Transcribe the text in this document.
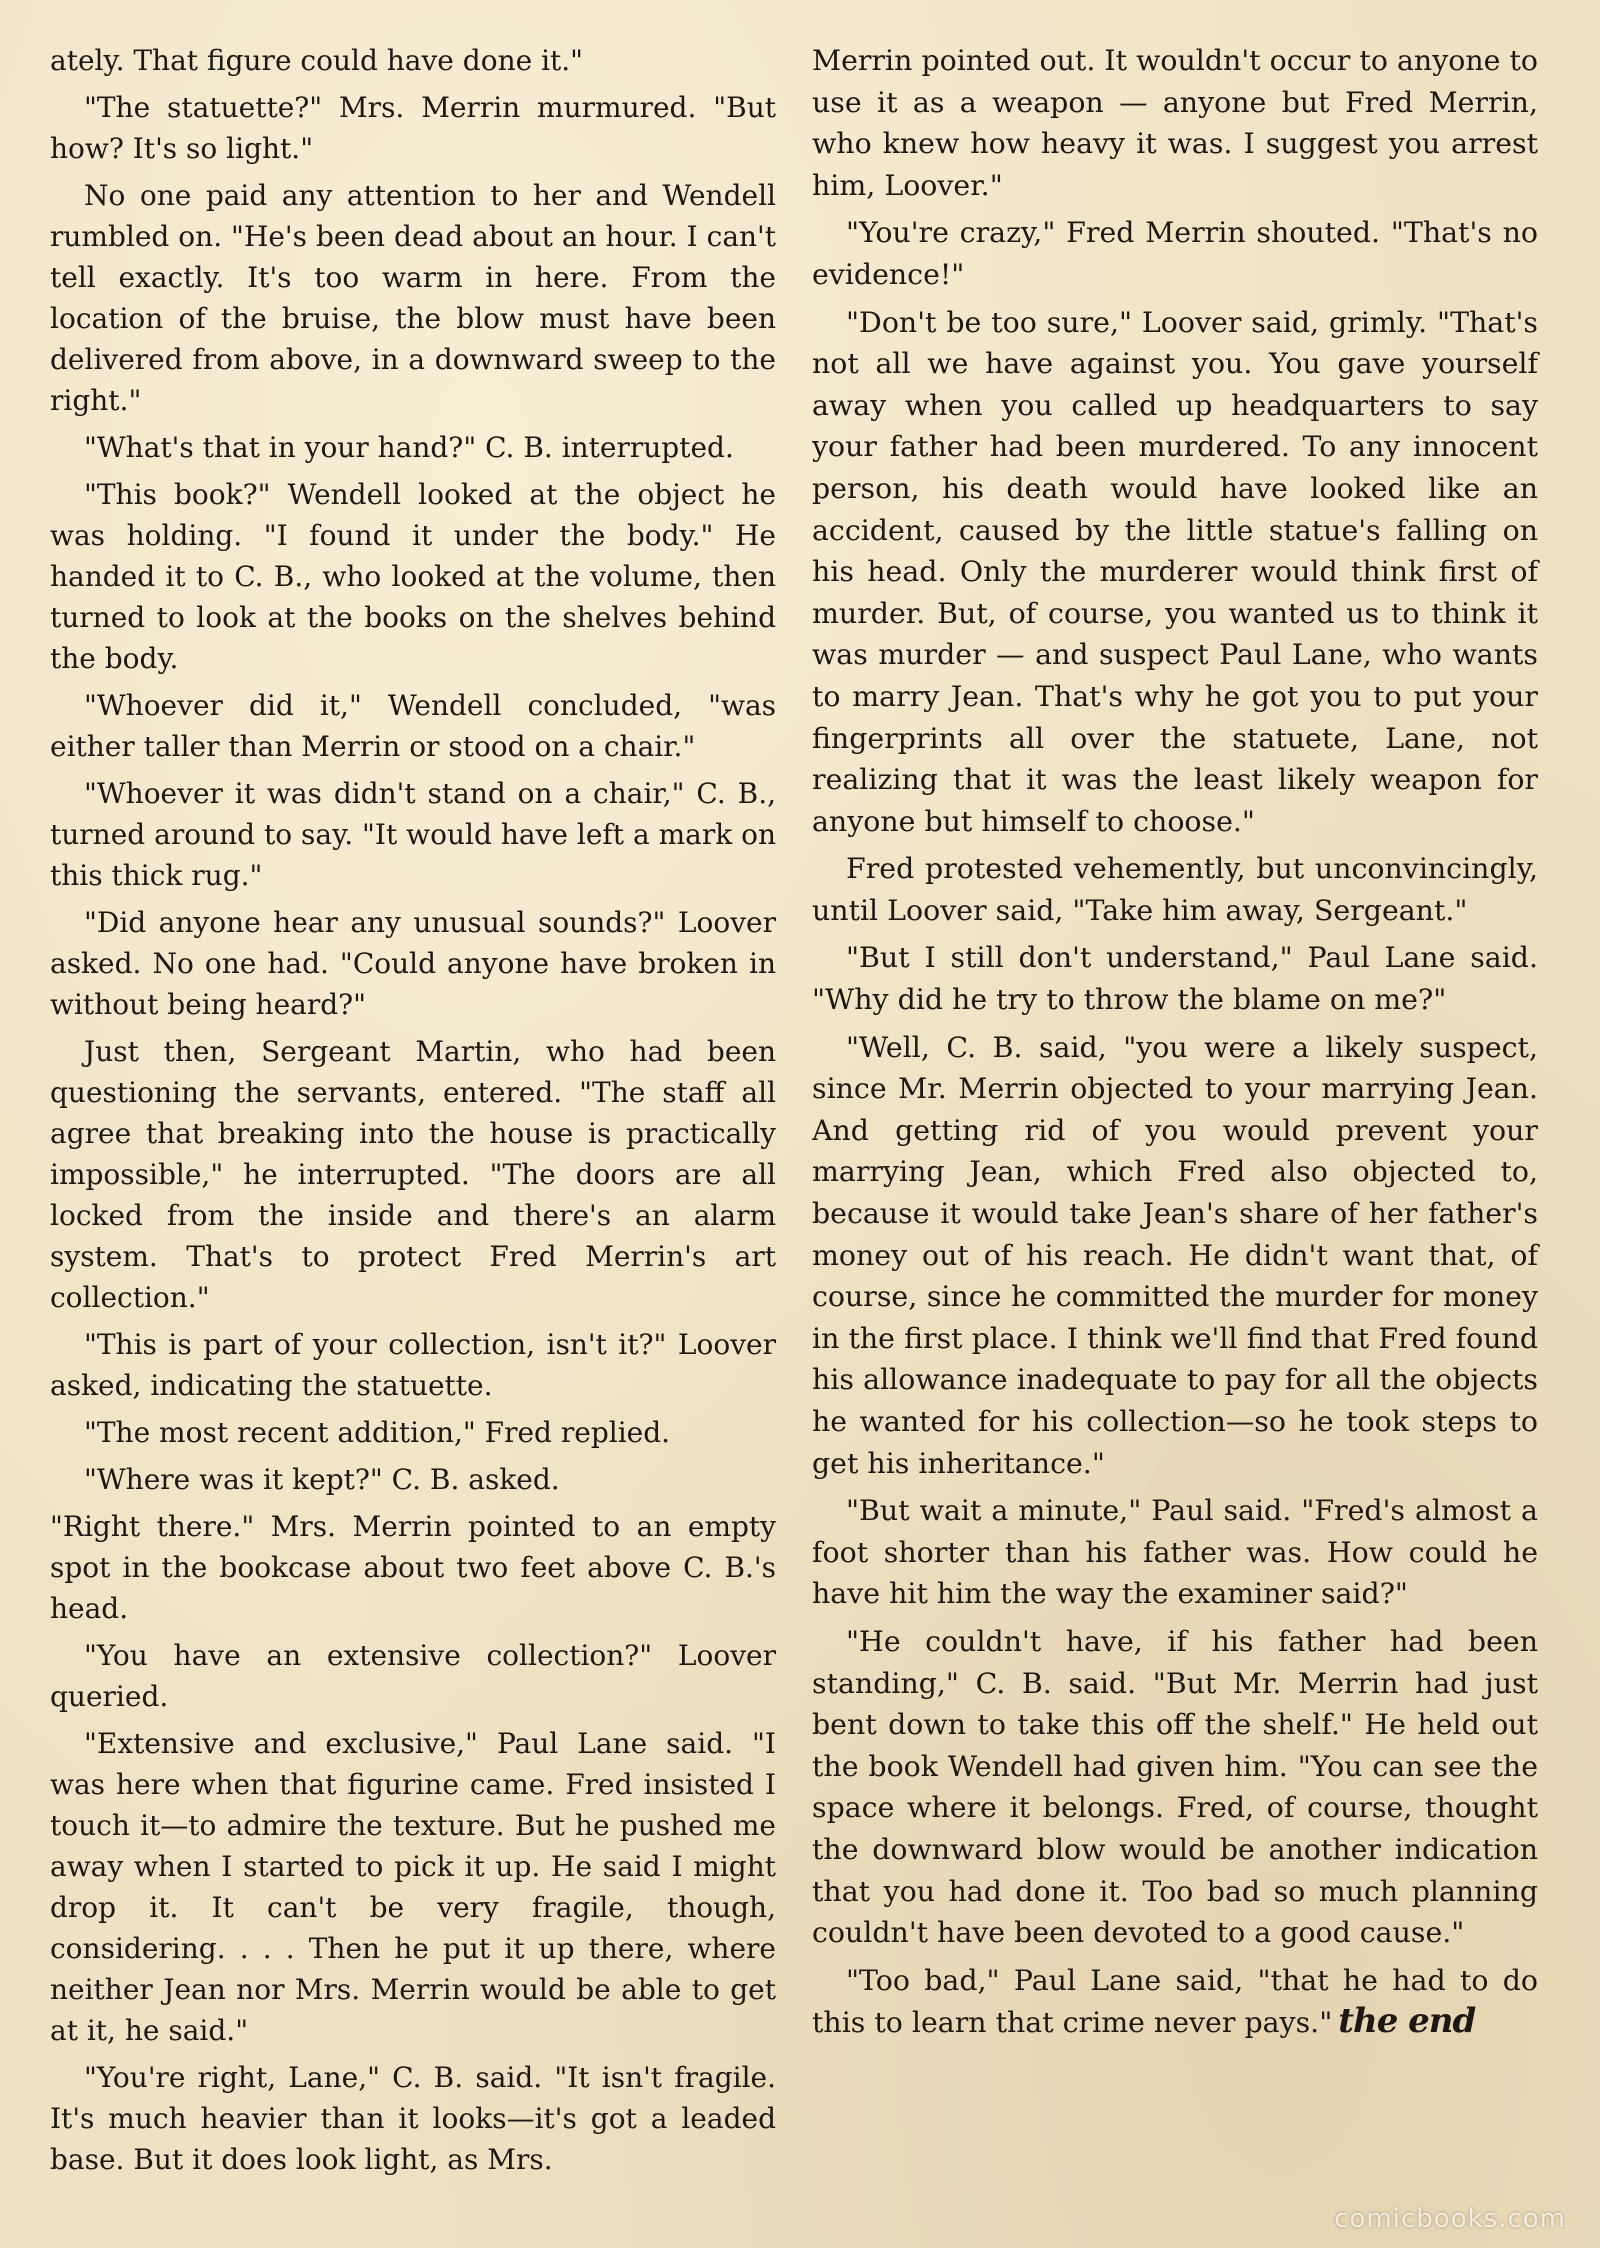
ately. That figure could have done it."

"The statuette?" Mrs. Merrin murmured. "But how? It's so light."

No one paid any attention to her and Wendell rumbled on. "He's been dead about an hour. I can't tell exactly. It's too warm in here. From the location of the bruise, the blow must have been delivered from above, in a downward sweep to the right."

"What's that in your hand?" C. B. interrupted.

"This book?" Wendell looked at the object he was holding. "I found it under the body." He handed it to C. B., who looked at the volume, then turned to look at the books on the shelves behind the body.

"Whoever did it," Wendell concluded, "was either taller than Merrin or stood on a chair."

"Whoever it was didn't stand on a chair," C. B., turned around to say. "It would have left a mark on this thick rug."

"Did anyone hear any unusual sounds?" Loover asked. No one had. "Could anyone have broken in without being heard?"

Just then, Sergeant Martin, who had been questioning the servants, entered. "The staff all agree that breaking into the house is practically impossible," he interrupted. "The doors are all locked from the inside and there's an alarm system. That's to protect Fred Merrin's art collection."

"This is part of your collection, isn't it?" Loover asked, indicating the statuette.

"The most recent addition," Fred replied.

"Where was it kept?" C. B. asked.

"Right there." Mrs. Merrin pointed to an empty spot in the bookcase about two feet above C. B.'s head.

"You have an extensive collection?" Loover queried.

"Extensive and exclusive," Paul Lane said. "I was here when that figurine came. Fred insisted I touch it—to admire the texture. But he pushed me away when I started to pick it up. He said I might drop it. It can't be very fragile, though, considering. . . . Then he put it up there, where neither Jean nor Mrs. Merrin would be able to get at it, he said."

"You're right, Lane," C. B. said. "It isn't fragile. It's much heavier than it looks—it's got a leaded base. But it does look light, as Mrs.

Merrin pointed out. It wouldn't occur to anyone to use it as a weapon — anyone but Fred Merrin, who knew how heavy it was. I suggest you arrest him, Loover."

"You're crazy," Fred Merrin shouted. "That's no evidence!"

"Don't be too sure," Loover said, grimly. "That's not all we have against you. You gave yourself away when you called up headquarters to say your father had been murdered. To any innocent person, his death would have looked like an accident, caused by the little statue's falling on his head. Only the murderer would think first of murder. But, of course, you wanted us to think it was murder — and suspect Paul Lane, who wants to marry Jean. That's why he got you to put your fingerprints all over the statuete, Lane, not realizing that it was the least likely weapon for anyone but himself to choose."

Fred protested vehemently, but unconvincingly, until Loover said, "Take him away, Sergeant."

"But I still don't understand," Paul Lane said. "Why did he try to throw the blame on me?"

"Well, C. B. said, "you were a likely suspect, since Mr. Merrin objected to your marrying Jean. And getting rid of you would prevent your marrying Jean, which Fred also objected to, because it would take Jean's share of her father's money out of his reach. He didn't want that, of course, since he committed the murder for money in the first place. I think we'll find that Fred found his allowance inadequate to pay for all the objects he wanted for his collection—so he took steps to get his inheritance."

"But wait a minute," Paul said. "Fred's almost a foot shorter than his father was. How could he have hit him the way the examiner said?"

"He couldn't have, if his father had been standing," C. B. said. "But Mr. Merrin had just bent down to take this off the shelf." He held out the book Wendell had given him. "You can see the space where it belongs. Fred, of course, thought the downward blow would be another indication that you had done it. Too bad so much planning couldn't have been devoted to a good cause."

"Too bad," Paul Lane said, "that he had to do this to learn that crime never pays." the end

comicbooks.com
